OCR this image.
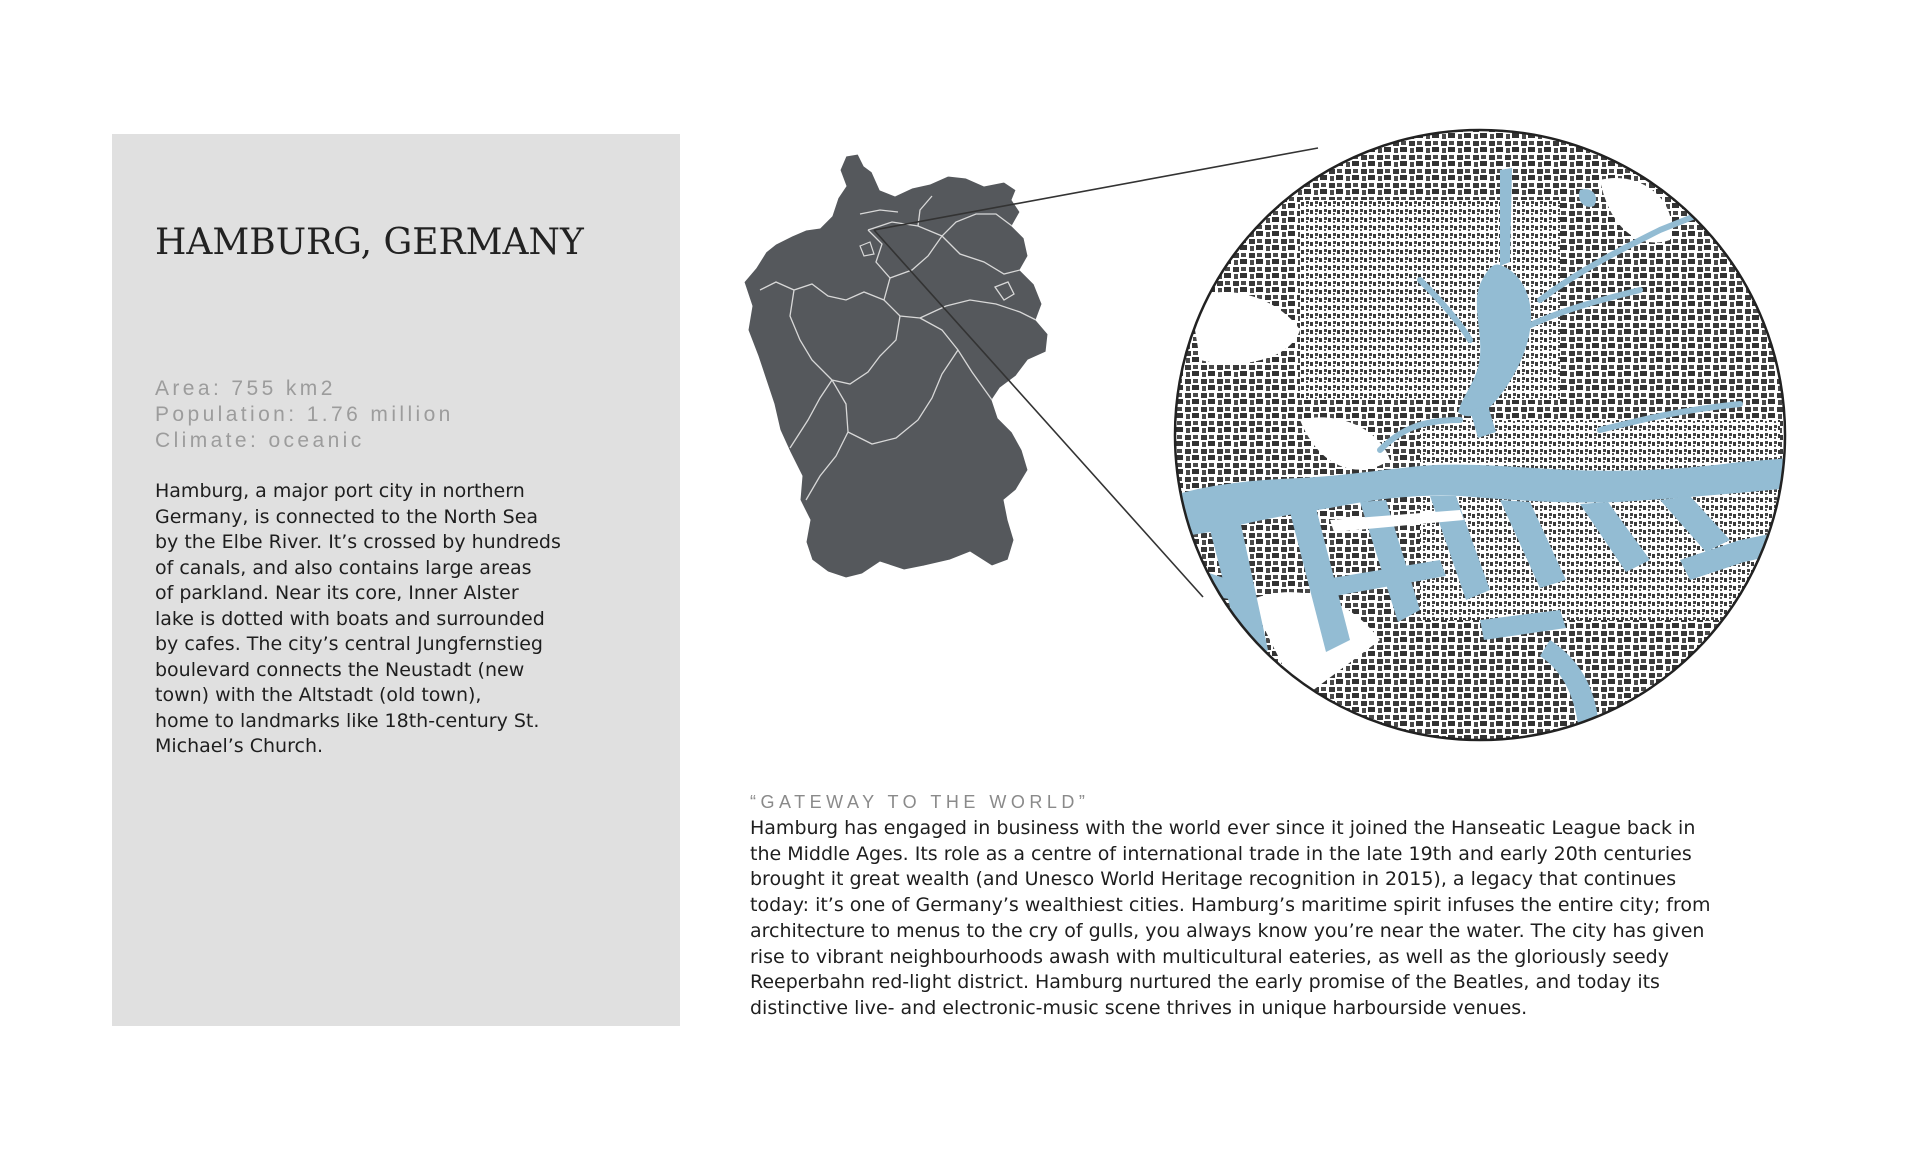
HAMBURG, GERMANY
Area: 755 km2
Population: 1.76 million
Climate: oceanic

Hamburg, a major port city in northern
Germany, is connected to the North Sea
by the Elbe River. It’s crossed by hundreds
of canals, and also contains large areas
of parkland. Near its core, Inner Alster
lake is dotted with boats and surrounded
by cafes. The city’s central Jungfernstieg
boulevard connects the Neustadt (new
town) with the Altstadt (old town),
home to landmarks like 18th-century St.
Michael’s Church.

“GATEWAY TO THE WORLD”

Hamburg has engaged in business with the world ever since it joined the Hanseatic League back in
the Middle Ages. Its role as a centre of international trade in the late 19th and early 20th centuries
brought it great wealth (and Unesco World Heritage recognition in 2015), a legacy that continues
today: it’s one of Germany’s wealthiest cities. Hamburg’s maritime spirit infuses the entire city; from
architecture to menus to the cry of gulls, you always know you’re near the water. The city has given
rise to vibrant neighbourhoods awash with multicultural eateries, as well as the gloriously seedy
Reeperbahn red-light district. Hamburg nurtured the early promise of the Beatles, and today its
distinctive live- and electronic-music scene thrives in unique harbourside venues.
